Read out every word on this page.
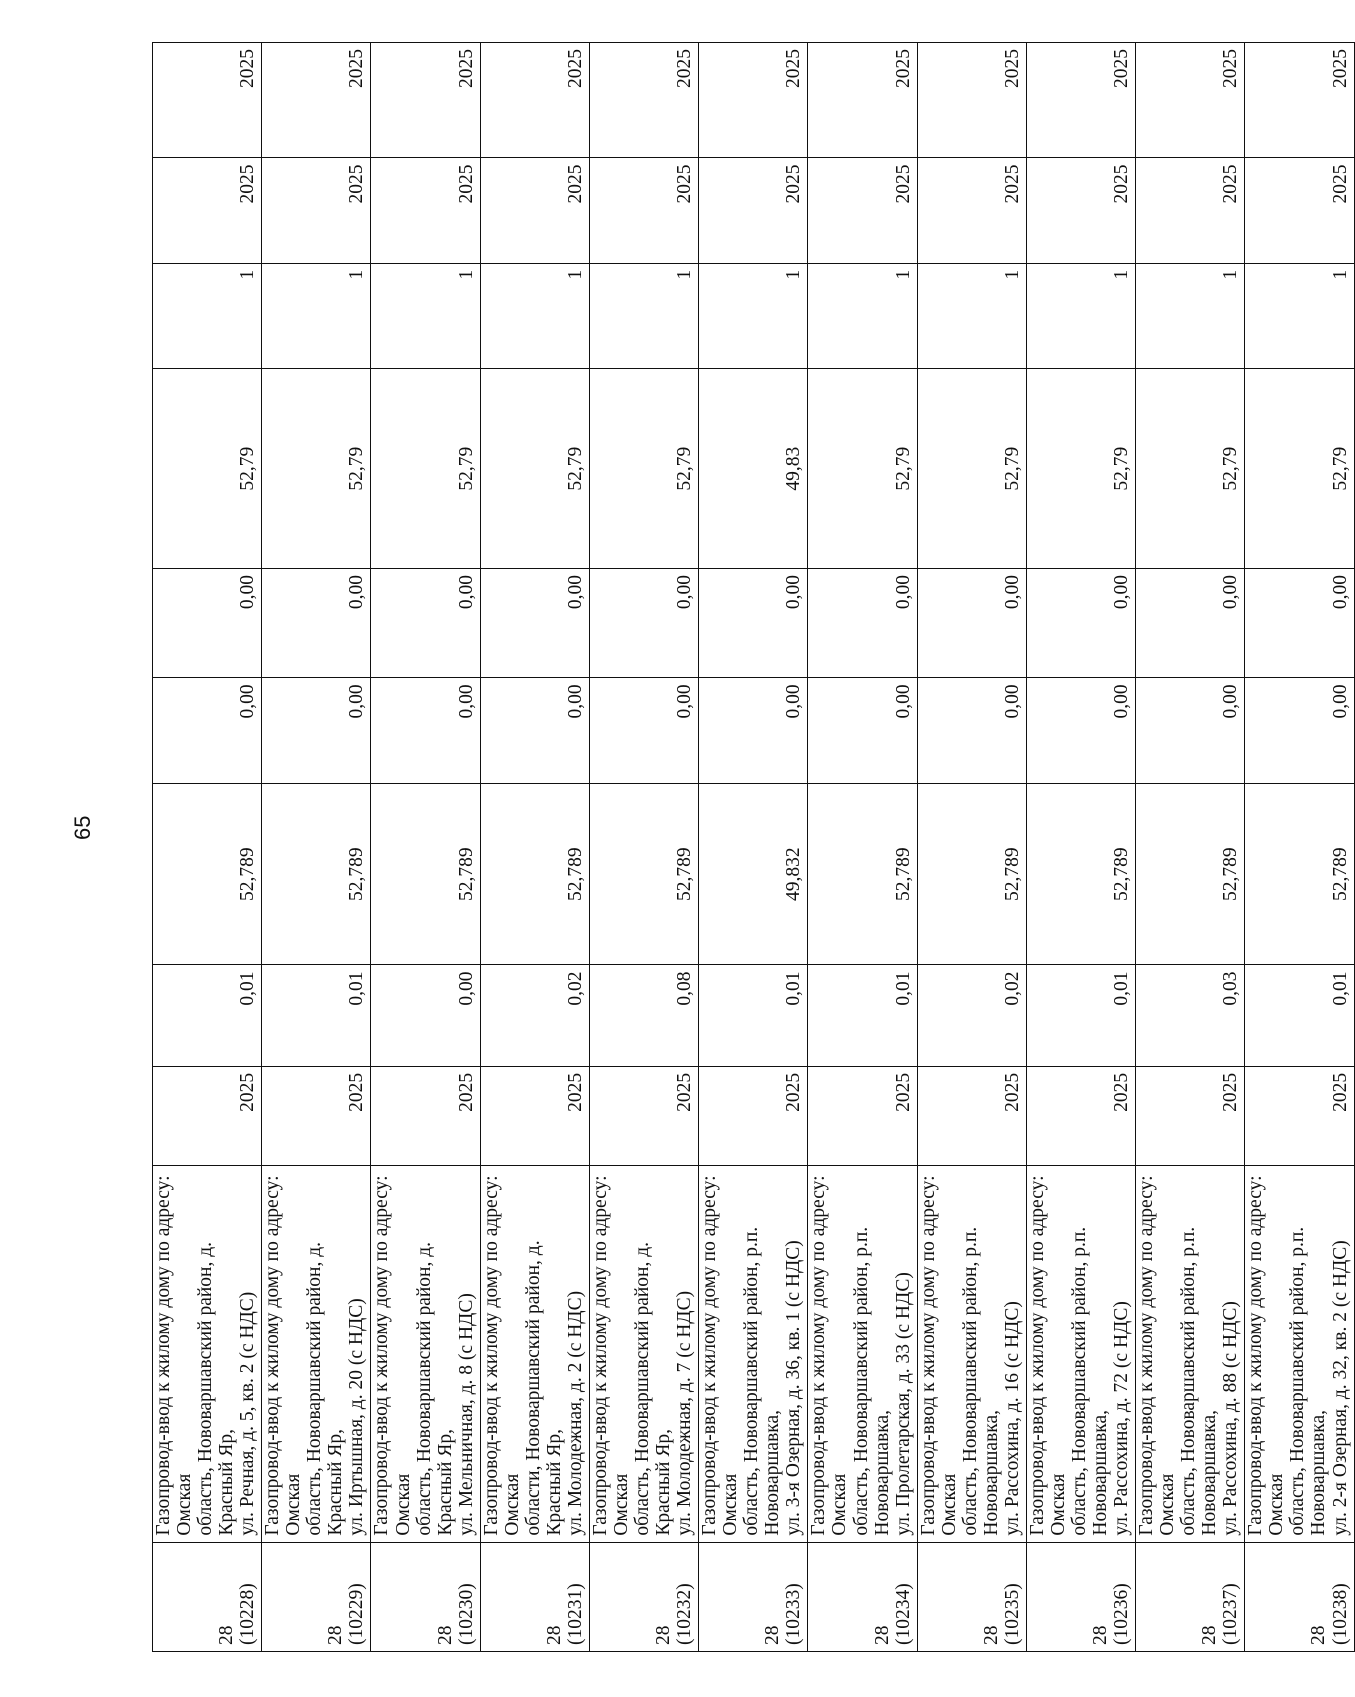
65
28 (10228)	Газопровод-ввод к жилому дому по адресу: Омская область, Нововаршавский район, д. Красный Яр, ул. Речная, д. 5, кв. 2 (с НДС)	2025	0,01	52,789	0,00	0,00	52,79	1	2025	2025

28 (10229)	Газопровод-ввод к жилому дому по адресу: Омская область, Нововаршавский район, д. Красный Яр, ул. Иртышная, д. 20 (с НДС)	2025	0,01	52,789	0,00	0,00	52,79	1	2025	2025

28 (10230)	Газопровод-ввод к жилому дому по адресу: Омская область, Нововаршавский район, д. Красный Яр, ул. Мельничная, д. 8 (с НДС)	2025	0,00	52,789	0,00	0,00	52,79	1	2025	2025

28 (10231)	Газопровод-ввод к жилому дому по адресу: Омская области, Нововаршавский район, д. Красный Яр, ул. Молодежная, д. 2 (с НДС)	2025	0,02	52,789	0,00	0,00	52,79	1	2025	2025

28 (10232)	Газопровод-ввод к жилому дому по адресу: Омская область, Нововаршавский район, д. Красный Яр, ул. Молодежная, д. 7 (с НДС)	2025	0,08	52,789	0,00	0,00	52,79	1	2025	2025

28 (10233)	Газопровод-ввод к жилому дому по адресу: Омская область, Нововаршавский район, р.п. Нововаршавка, ул. 3-я Озерная, д. 36, кв. 1 (с НДС)	2025	0,01	49,832	0,00	0,00	49,83	1	2025	2025

28 (10234)	Газопровод-ввод к жилому дому по адресу: Омская область, Нововаршавский район, р.п. Нововаршавка, ул. Пролетарская, д. 33 (с НДС)	2025	0,01	52,789	0,00	0,00	52,79	1	2025	2025

28 (10235)	Газопровод-ввод к жилому дому по адресу: Омская область, Нововаршавский район, р.п. Нововаршавка, ул. Рассохина, д. 16 (с НДС)	2025	0,02	52,789	0,00	0,00	52,79	1	2025	2025

28 (10236)	Газопровод-ввод к жилому дому по адресу: Омская область, Нововаршавский район, р.п. Нововаршавка, ул. Рассохина, д. 72 (с НДС)	2025	0,01	52,789	0,00	0,00	52,79	1	2025	2025

28 (10237)	Газопровод-ввод к жилому дому по адресу: Омская область, Нововаршавский район, р.п. Нововаршавка, ул. Рассохина, д. 88 (с НДС)	2025	0,03	52,789	0,00	0,00	52,79	1	2025	2025

28 (10238)	Газопровод-ввод к жилому дому по адресу: Омская область, Нововаршавский район, р.п. Нововаршавка, ул. 2-я Озерная, д. 32, кв. 2 (с НДС)	2025	0,01	52,789	0,00	0,00	52,79	1	2025	2025
